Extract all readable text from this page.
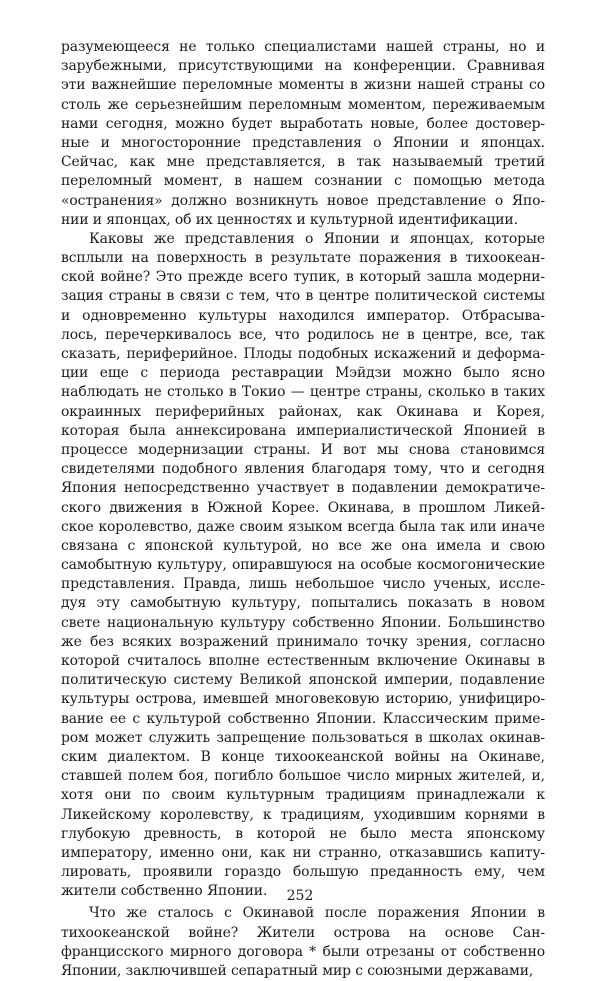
разумеющееся не только специалистами нашей страны, но и
зарубежными, присутствующими на конференции. Сравнивая
эти важнейшие переломные моменты в жизни нашей страны со
столь же серьезнейшим переломным моментом, переживаемым
нами сегодня, можно будет выработать новые, более достовер-
ные и многосторонние представления о Японии и японцах.
Сейчас, как мне представляется, в так называемый третий
переломный момент, в нашем сознании с помощью метода
«остранения» должно возникнуть новое представление о Япо-
нии и японцах, об их ценностях и культурной идентификации.
Каковы же представления о Японии и японцах, которые
всплыли на поверхность в результате поражения в тихоокеан-
ской войне? Это прежде всего тупик, в который зашла модерни-
зация страны в связи с тем, что в центре политической системы
и одновременно культуры находился император. Отбрасыва-
лось, перечеркивалось все, что родилось не в центре, все, так
сказать, периферийное. Плоды подобных искажений и деформа-
ции еще с периода реставрации Мэйдзи можно было ясно
наблюдать не столько в Токио — центре страны, сколько в таких
окраинных периферийных районах, как Окинава и Корея,
которая была аннексирована империалистической Японией в
процессе модернизации страны. И вот мы снова становимся
свидетелями подобного явления благодаря тому, что и сегодня
Япония непосредственно участвует в подавлении демократиче-
ского движения в Южной Корее. Окинава, в прошлом Ликей-
ское королевство, даже своим языком всегда была так или иначе
связана с японской культурой, но все же она имела и свою
самобытную культуру, опиравшуюся на особые космогонические
представления. Правда, лишь небольшое число ученых, иссле-
дуя эту самобытную культуру, попытались показать в новом
свете национальную культуру собственно Японии. Большинство
же без всяких возражений принимало точку зрения, согласно
которой считалось вполне естественным включение Окинавы в
политическую систему Великой японской империи, подавление
культуры острова, имевшей многовековую историю, унифициро-
вание ее с культурой собственно Японии. Классическим приме-
ром может служить запрещение пользоваться в школах окинав-
ским диалектом. В конце тихоокеанской войны на Окинаве,
ставшей полем боя, погибло большое число мирных жителей, и,
хотя они по своим культурным традициям принадлежали к
Ликейскому королевству, к традициям, уходившим корнями в
глубокую древность, в которой не было места японскому
императору, именно они, как ни странно, отказавшись капиту-
лировать, проявили гораздо большую преданность ему, чем
жители собственно Японии.
Что же сталось с Окинавой после поражения Японии в
тихоокеанской войне? Жители острова на основе Сан-
францисского мирного договора * были отрезаны от собственно
Японии, заключившей сепаратный мир с союзными державами,
252
